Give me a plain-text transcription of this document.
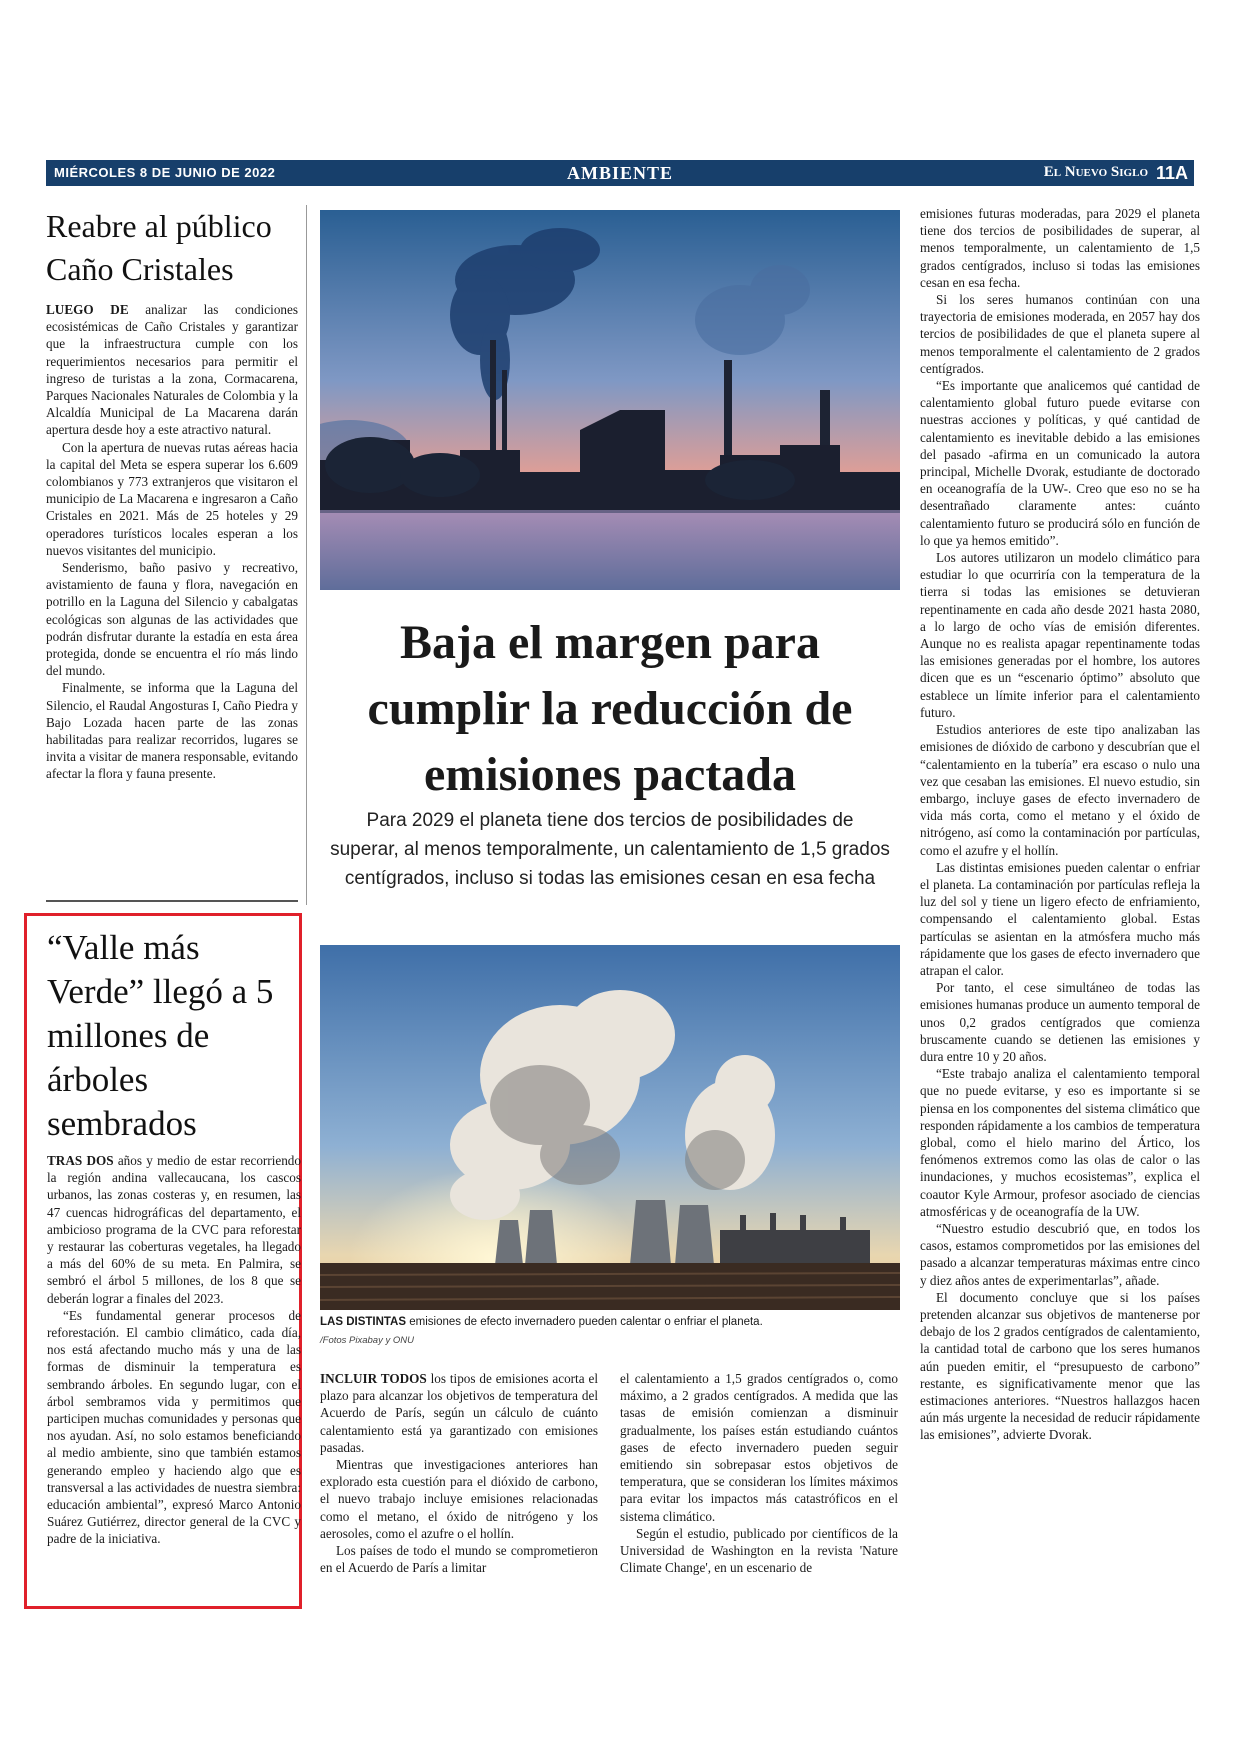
MIÉRCOLES 8 DE JUNIO DE 2022	AMBIENTE	El Nuevo Siglo 11A
Reabre al público Caño Cristales

LUEGO DE analizar las condiciones ecosistémicas de Caño Cristales y garantizar que la infraestructura cumple con los requerimientos necesarios para permitir el ingreso de turistas a la zona, Cormacarena, Parques Nacionales Naturales de Colombia y la Alcaldía Municipal de La Macarena darán apertura desde hoy a este atractivo natural.

Con la apertura de nuevas rutas aéreas hacia la capital del Meta se espera superar los 6.609 colombianos y 773 extranjeros que visitaron el municipio de La Macarena e ingresaron a Caño Cristales en 2021. Más de 25 hoteles y 29 operadores turísticos locales esperan a los nuevos visitantes del municipio.

Senderismo, baño pasivo y recreativo, avistamiento de fauna y flora, navegación en potrillo en la Laguna del Silencio y cabalgatas ecológicas son algunas de las actividades que podrán disfrutar durante la estadía en esta área protegida, donde se encuentra el río más lindo del mundo.

Finalmente, se informa que la Laguna del Silencio, el Raudal Angosturas I, Caño Piedra y Bajo Lozada hacen parte de las zonas habilitadas para realizar recorridos, lugares se invita a visitar de manera responsable, evitando afectar la flora y fauna presente.

“Valle más Verde” llegó a 5 millones de árboles sembrados

TRAS DOS años y medio de estar recorriendo la región andina vallecaucana, los cascos urbanos, las zonas costeras y, en resumen, las 47 cuencas hidrográficas del departamento, el ambicioso programa de la CVC para reforestar y restaurar las coberturas vegetales, ha llegado a más del 60% de su meta. En Palmira, se sembró el árbol 5 millones, de los 8 que se deberán lograr a finales del 2023.

“Es fundamental generar procesos de reforestación. El cambio climático, cada día, nos está afectando mucho más y una de las formas de disminuir la temperatura es sembrando árboles. En segundo lugar, con el árbol sembramos vida y permitimos que participen muchas comunidades y personas que nos ayudan. Así, no solo estamos beneficiando al medio ambiente, sino que también estamos generando empleo y haciendo algo que es transversal a las actividades de nuestra siembra: educación ambiental”, expresó Marco Antonio Suárez Gutiérrez, director general de la CVC y padre de la iniciativa.

Baja el margen para cumplir la reducción de emisiones pactada

Para 2029 el planeta tiene dos tercios de posibilidades de superar, al menos temporalmente, un calentamiento de 1,5 grados centígrados, incluso si todas las emisiones cesan en esa fecha

LAS DISTINTAS emisiones de efecto invernadero pueden calentar o enfriar el planeta.
/Fotos Pixabay y ONU

INCLUIR TODOS los tipos de emisiones acorta el plazo para alcanzar los objetivos de temperatura del Acuerdo de París, según un cálculo de cuánto calentamiento está ya garantizado con emisiones pasadas.

Mientras que investigaciones anteriores han explorado esta cuestión para el dióxido de carbono, el nuevo trabajo incluye emisiones relacionadas como el metano, el óxido de nitrógeno y los aerosoles, como el azufre o el hollín.

Los países de todo el mundo se comprometieron en el Acuerdo de París a limitar

el calentamiento a 1,5 grados centígrados o, como máximo, a 2 grados centígrados. A medida que las tasas de emisión comienzan a disminuir gradualmente, los países están estudiando cuántos gases de efecto invernadero pueden seguir emitiendo sin sobrepasar estos objetivos de temperatura, que se consideran los límites máximos para evitar los impactos más catastróficos en el sistema climático.

Según el estudio, publicado por científicos de la Universidad de Washington en la revista 'Nature Climate Change', en un escenario de

emisiones futuras moderadas, para 2029 el planeta tiene dos tercios de posibilidades de superar, al menos temporalmente, un calentamiento de 1,5 grados centígrados, incluso si todas las emisiones cesan en esa fecha.

Si los seres humanos continúan con una trayectoria de emisiones moderada, en 2057 hay dos tercios de posibilidades de que el planeta supere al menos temporalmente el calentamiento de 2 grados centígrados.

“Es importante que analicemos qué cantidad de calentamiento global futuro puede evitarse con nuestras acciones y políticas, y qué cantidad de calentamiento es inevitable debido a las emisiones del pasado -afirma en un comunicado la autora principal, Michelle Dvorak, estudiante de doctorado en oceanografía de la UW-. Creo que eso no se ha desentrañado claramente antes: cuánto calentamiento futuro se producirá sólo en función de lo que ya hemos emitido”.

Los autores utilizaron un modelo climático para estudiar lo que ocurriría con la temperatura de la tierra si todas las emisiones se detuvieran repentinamente en cada año desde 2021 hasta 2080, a lo largo de ocho vías de emisión diferentes. Aunque no es realista apagar repentinamente todas las emisiones generadas por el hombre, los autores dicen que es un “escenario óptimo” absoluto que establece un límite inferior para el calentamiento futuro.

Estudios anteriores de este tipo analizaban las emisiones de dióxido de carbono y descubrían que el “calentamiento en la tubería” era escaso o nulo una vez que cesaban las emisiones. El nuevo estudio, sin embargo, incluye gases de efecto invernadero de vida más corta, como el metano y el óxido de nitrógeno, así como la contaminación por partículas, como el azufre y el hollín.

Las distintas emisiones pueden calentar o enfriar el planeta. La contaminación por partículas refleja la luz del sol y tiene un ligero efecto de enfriamiento, compensando el calentamiento global. Estas partículas se asientan en la atmósfera mucho más rápidamente que los gases de efecto invernadero que atrapan el calor.

Por tanto, el cese simultáneo de todas las emisiones humanas produce un aumento temporal de unos 0,2 grados centígrados que comienza bruscamente cuando se detienen las emisiones y dura entre 10 y 20 años.

“Este trabajo analiza el calentamiento temporal que no puede evitarse, y eso es importante si se piensa en los componentes del sistema climático que responden rápidamente a los cambios de temperatura global, como el hielo marino del Ártico, los fenómenos extremos como las olas de calor o las inundaciones, y muchos ecosistemas”, explica el coautor Kyle Armour, profesor asociado de ciencias atmosféricas y de oceanografía de la UW.

“Nuestro estudio descubrió que, en todos los casos, estamos comprometidos por las emisiones del pasado a alcanzar temperaturas máximas entre cinco y diez años antes de experimentarlas”, añade.

El documento concluye que si los países pretenden alcanzar sus objetivos de mantenerse por debajo de los 2 grados centígrados de calentamiento, la cantidad total de carbono que los seres humanos aún pueden emitir, el “presupuesto de carbono” restante, es significativamente menor que las estimaciones anteriores. “Nuestros hallazgos hacen aún más urgente la necesidad de reducir rápidamente las emisiones”, advierte Dvorak.
